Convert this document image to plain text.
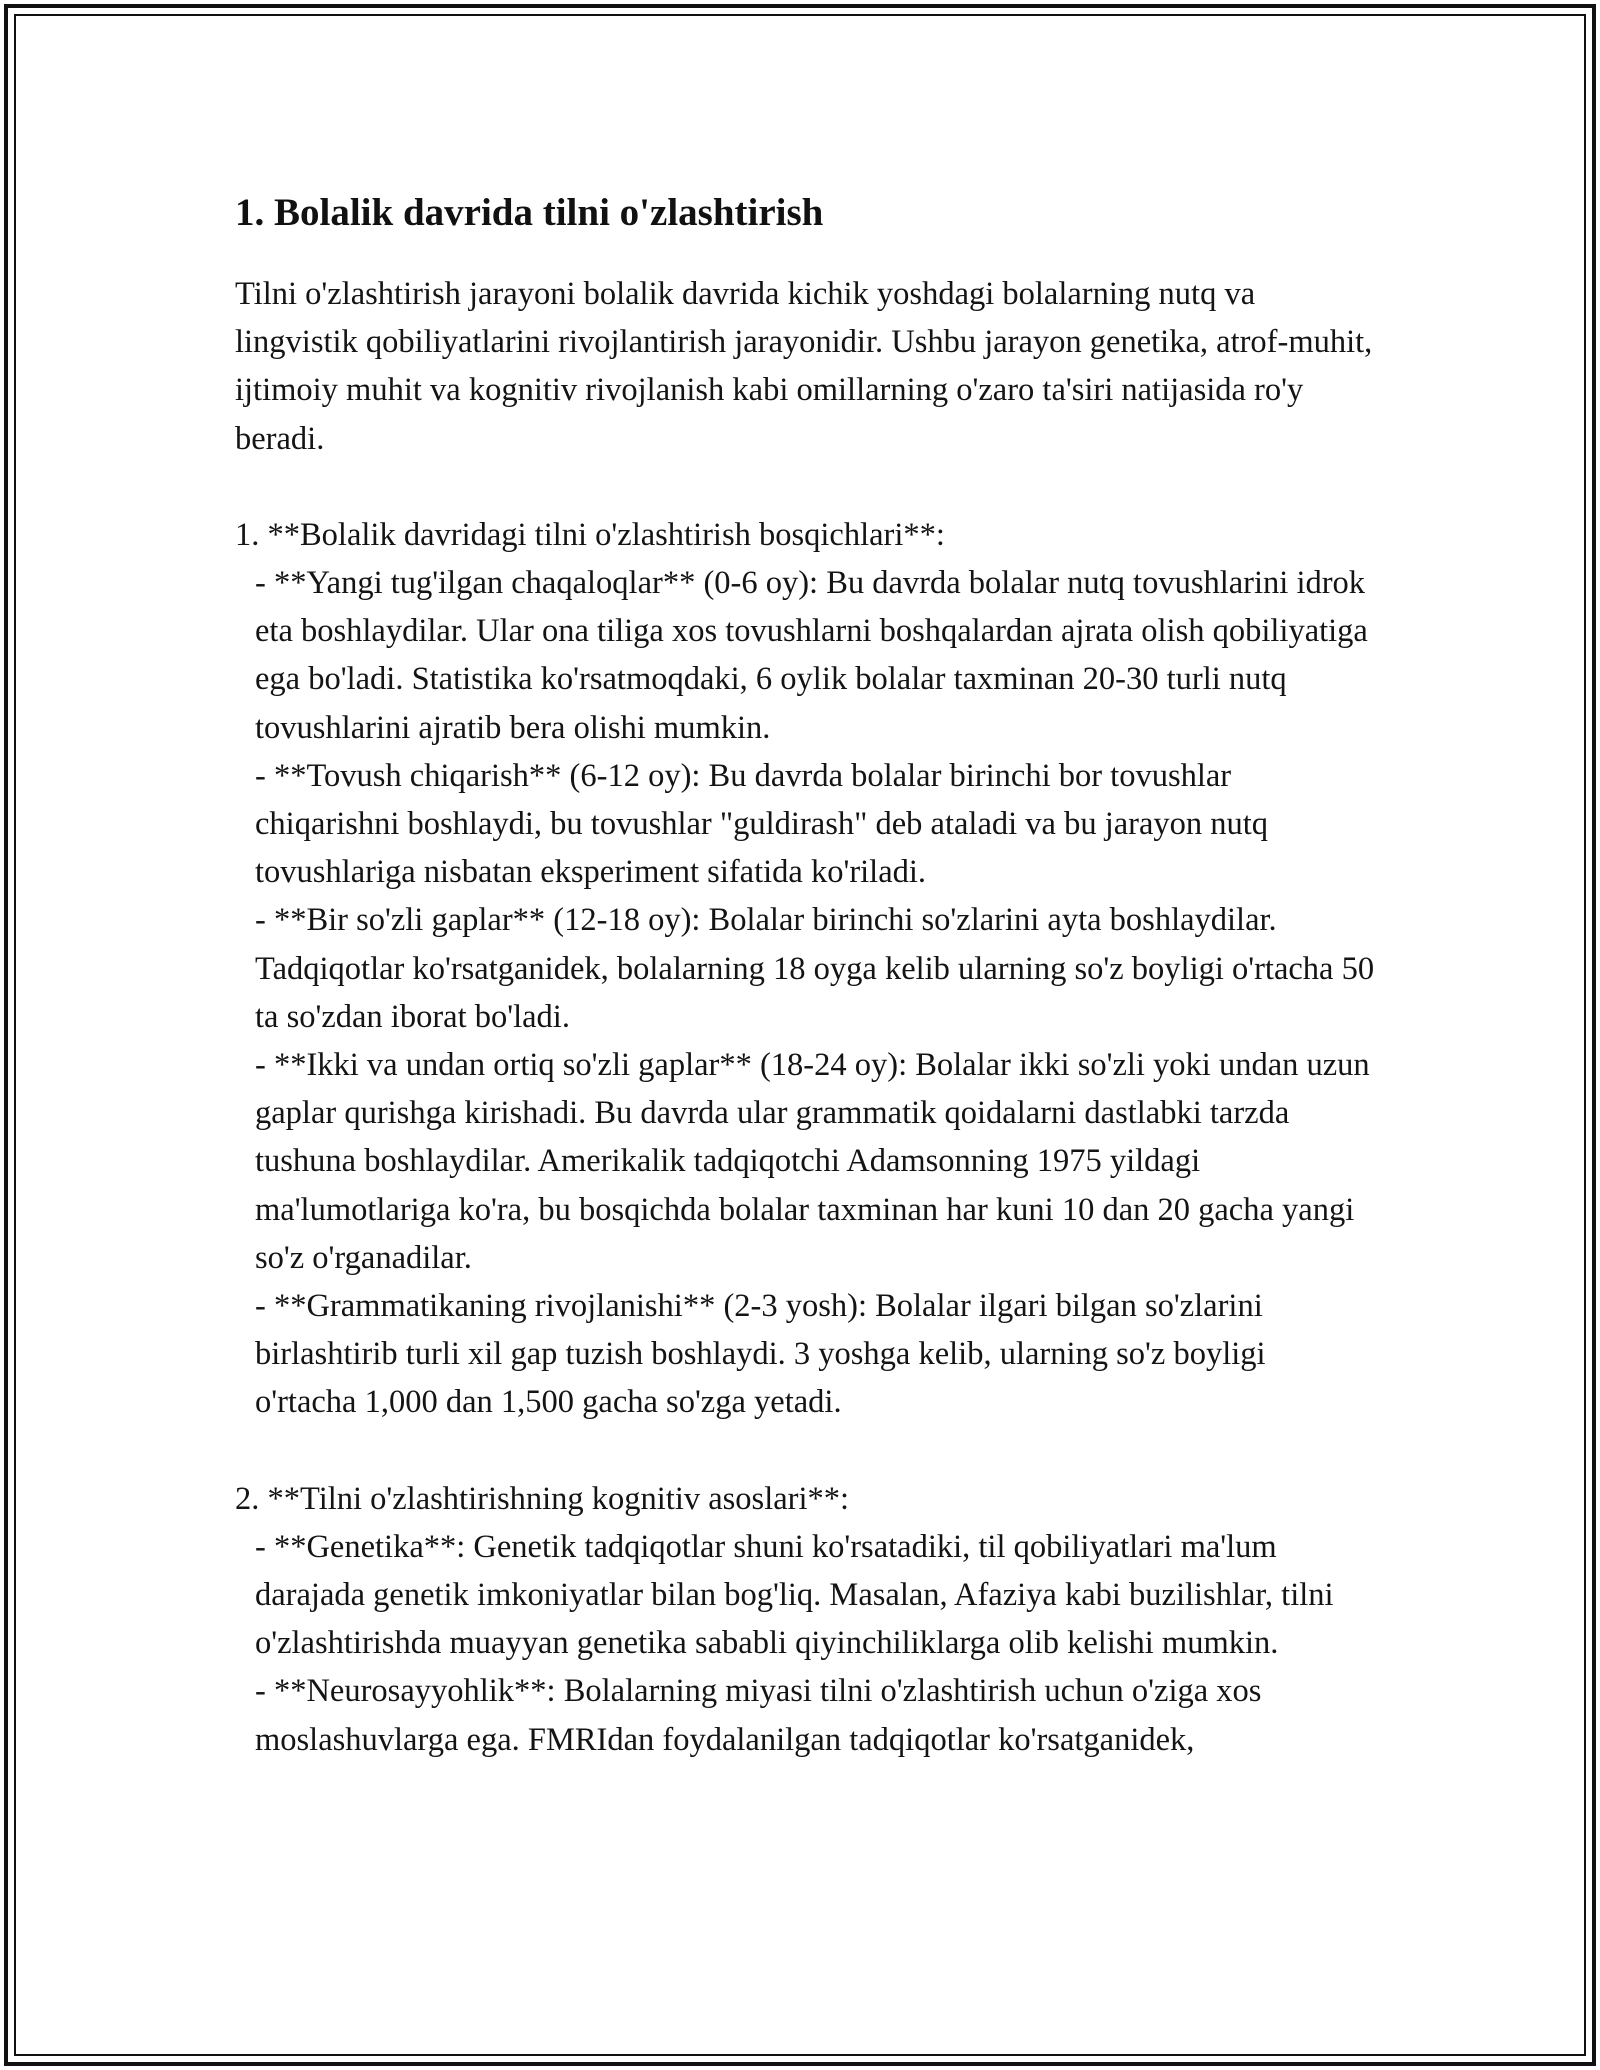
1. Bolalik davrida tilni o'zlashtirish

Tilni o'zlashtirish jarayoni bolalik davrida kichik yoshdagi bolalarning nutq va lingvistik qobiliyatlarini rivojlantirish jarayonidir. Ushbu jarayon genetika, atrof-muhit, ijtimoiy muhit va kognitiv rivojlanish kabi omillarning o'zaro ta'siri natijasida ro'y beradi.

1. **Bolalik davridagi tilni o'zlashtirish bosqichlari**:

- **Yangi tug'ilgan chaqaloqlar** (0-6 oy): Bu davrda bolalar nutq tovushlarini idrok eta boshlaydilar. Ular ona tiliga xos tovushlarni boshqalardan ajrata olish qobiliyatiga ega bo'ladi. Statistika ko'rsatmoqdaki, 6 oylik bolalar taxminan 20-30 turli nutq tovushlarini ajratib bera olishi mumkin.

- **Tovush chiqarish** (6-12 oy): Bu davrda bolalar birinchi bor tovushlar chiqarishni boshlaydi, bu tovushlar "guldirash" deb ataladi va bu jarayon nutq tovushlariga nisbatan eksperiment sifatida ko'riladi.

- **Bir so'zli gaplar** (12-18 oy): Bolalar birinchi so'zlarini ayta boshlaydilar. Tadqiqotlar ko'rsatganidek, bolalarning 18 oyga kelib ularning so'z boyligi o'rtacha 50 ta so'zdan iborat bo'ladi.

- **Ikki va undan ortiq so'zli gaplar** (18-24 oy): Bolalar ikki so'zli yoki undan uzun gaplar qurishga kirishadi. Bu davrda ular grammatik qoidalarni dastlabki tarzda tushuna boshlaydilar. Amerikalik tadqiqotchi Adamsonning 1975 yildagi ma'lumotlariga ko'ra, bu bosqichda bolalar taxminan har kuni 10 dan 20 gacha yangi so'z o'rganadilar.

- **Grammatikaning rivojlanishi** (2-3 yosh): Bolalar ilgari bilgan so'zlarini birlashtirib turli xil gap tuzish boshlaydi. 3 yoshga kelib, ularning so'z boyligi o'rtacha 1,000 dan 1,500 gacha so'zga yetadi.

2. **Tilni o'zlashtirishning kognitiv asoslari**:

- **Genetika**: Genetik tadqiqotlar shuni ko'rsatadiki, til qobiliyatlari ma'lum darajada genetik imkoniyatlar bilan bog'liq. Masalan, Afaziya kabi buzilishlar, tilni o'zlashtirishda muayyan genetika sababli qiyinchiliklarga olib kelishi mumkin.

- **Neurosayyohlik**: Bolalarning miyasi tilni o'zlashtirish uchun o'ziga xos moslashuvlarga ega. FMRIdan foydalanilgan tadqiqotlar ko'rsatganidek,
